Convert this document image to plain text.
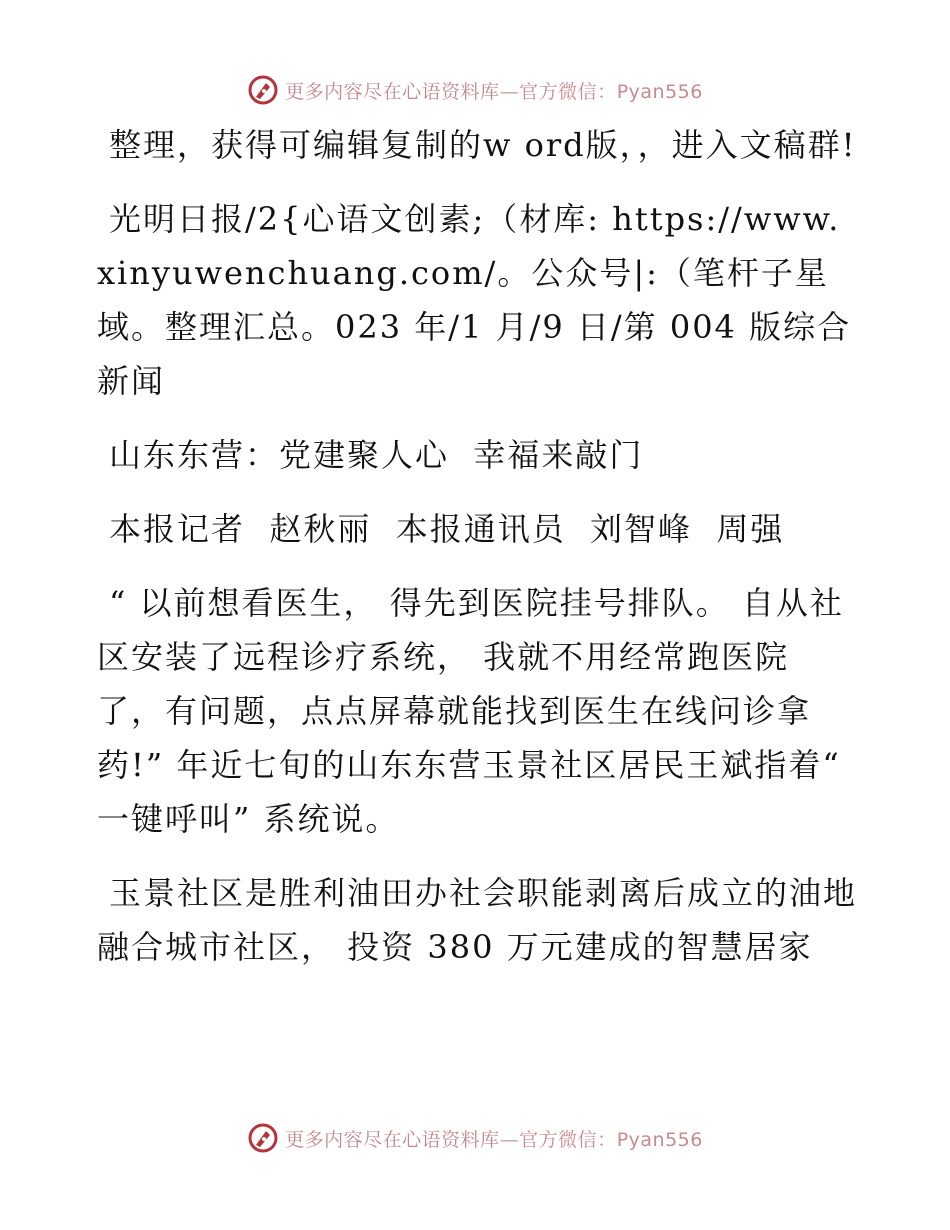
更多内容尽在心语资料库—官方微信：Pyan556

整理，获得可编辑复制的w ord版，，进入文稿群!

光明日报/2{心语文创素;（材库: https://www.xinyuwenchuang.com/。公众号|:（笔杆子星域。整理汇总。023 年/1 月/9 日/第 004 版综合新闻

山东东营：党建聚人心  幸福来敲门

本报记者  赵秋丽  本报通讯员  刘智峰  周强

“ 以前想看医生， 得先到医院挂号排队。 自从社区安装了远程诊疗系统， 我就不用经常跑医院了，有问题，点点屏幕就能找到医生在线问诊拿药!” 年近七旬的山东东营玉景社区居民王斌指着“ 一键呼叫” 系统说。

玉景社区是胜利油田办社会职能剥离后成立的油地融合城市社区， 投资 380 万元建成的智慧居家

更多内容尽在心语资料库—官方微信：Pyan556
